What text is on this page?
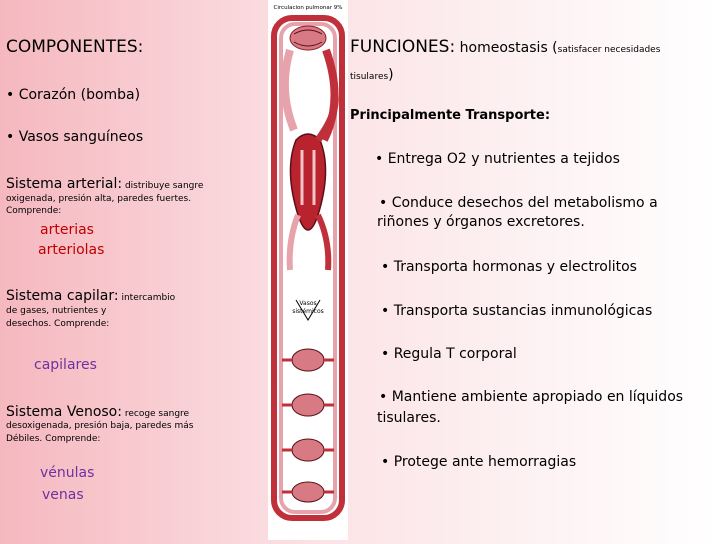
COMPONENTES:
• Corazón (bomba)
• Vasos sanguíneos
Sistema arterial: distribuye sangre
oxigenada, presión alta, paredes fuertes.
Comprende:
arterias
arteriolas
Sistema capilar: intercambio
de gases, nutrientes y
desechos. Comprende:
capilares
Sistema Venoso: recoge sangre
desoxigenada, presión baja, paredes más
Débiles. Comprende:
vénulas
venas
Circulacion pulmonar 9%
Vasos
sistémicos
FUNCIONES: homeostasis (satisfacer necesidades
tisulares)
Principalmente Transporte:
• Entrega O2 y nutrientes a tejidos
• Conduce desechos del metabolismo a
riñones y órganos excretores.
• Transporta hormonas y electrolitos
• Transporta sustancias inmunológicas
• Regula T corporal
• Mantiene ambiente apropiado en líquidos
tisulares.
• Protege ante hemorragias
